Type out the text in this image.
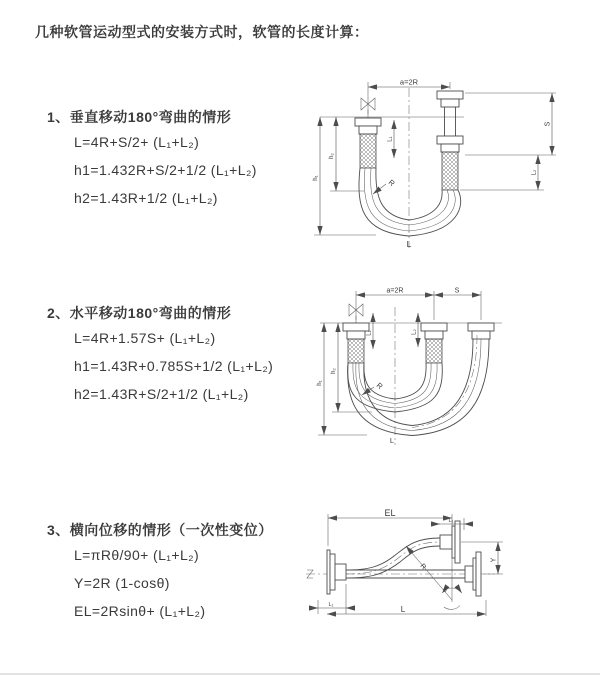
几种软管运动型式的安装方式时，软管的长度计算：
1、垂直移动180°弯曲的情形
L=4R+S/2+ (L₁+L₂)
h1=1.432R+S/2+1/2 (L₁+L₂)
h2=1.43R+1/2 (L₁+L₂)
a=2R
L₁
S
L₂
h₂
h₁	R
L
2、水平移动180°弯曲的情形
L=4R+1.57S+ (L₁+L₂)
h1=1.43R+0.785S+1/2 (L₁+L₂)
h2=1.43R+S/2+1/2 (L₁+L₂)
a=2R	S
L₁	L₂
h₂
h₁	R
L
3、横向位移的情形（一次性变位）
L=πRθ/90+ (L₁+L₂)
Y=2R (1-cosθ)
EL=2Rsinθ+ (L₁+L₂)
R
θ
EL
L₁
Y
L₁	L
